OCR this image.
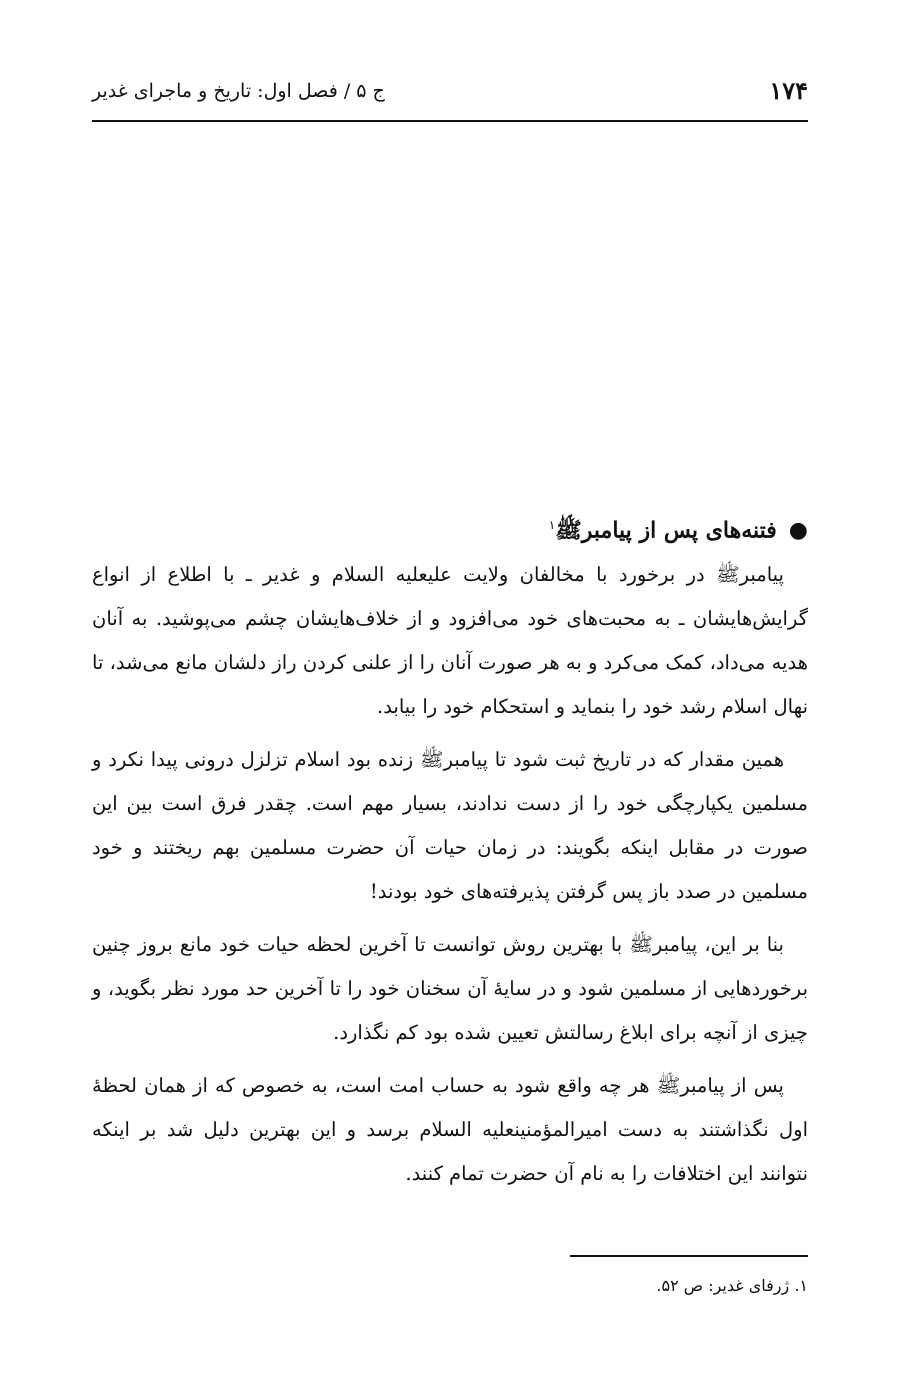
۱۷۴
ج ۵ / فصل اول: تاریخ و ماجرای غدیر
●فتنه‌های پس از پیامبرﷺ$^۱$

پیامبرﷺ در برخورد با مخالفان ولایت علیعليه السلام و غدیر ـ با اطلاع از انواع گرایش‌هایشان ـ به محبت‌های خود می‌افزود و از خلاف‌هایشان چشم می‌پوشید. به آنان هدیه می‌داد، کمک می‌کرد و به هر صورت آنان را از علنی کردن راز دلشان مانع می‌شد، تا نهال اسلام رشد خود را بنماید و استحکام خود را بیابد.

همین مقدار که در تاریخ ثبت شود تا پیامبرﷺ زنده بود اسلام تزلزل درونی پیدا نکرد و مسلمین یکپارچگی خود را از دست ندادند، بسیار مهم است. چقدر فرق است بین این صورت در مقابل اینکه بگویند: در زمان حیات آن حضرت مسلمین بهم ریختند و خود مسلمین در صدد باز پس گرفتن پذیرفته‌های خود بودند!

بنا بر این، پیامبرﷺ با بهترین روش توانست تا آخرین لحظه حیات خود مانع بروز چنین برخوردهایی از مسلمین شود و در سایهٔ آن سخنان خود را تا آخرین حد مورد نظر بگوید، و چیزی از آنچه برای ابلاغ رسالتش تعیین شده بود کم نگذارد.

پس از پیامبرﷺ هر چه واقع شود به حساب امت است، به خصوص که از همان لحظهٔ اول نگذاشتند به دست امیرالمؤمنینعليه السلام برسد و این بهترین دلیل شد بر اینکه نتوانند این اختلافات را به نام آن حضرت تمام کنند.

۱. ژرفای غدیر: ص ۵۲.
